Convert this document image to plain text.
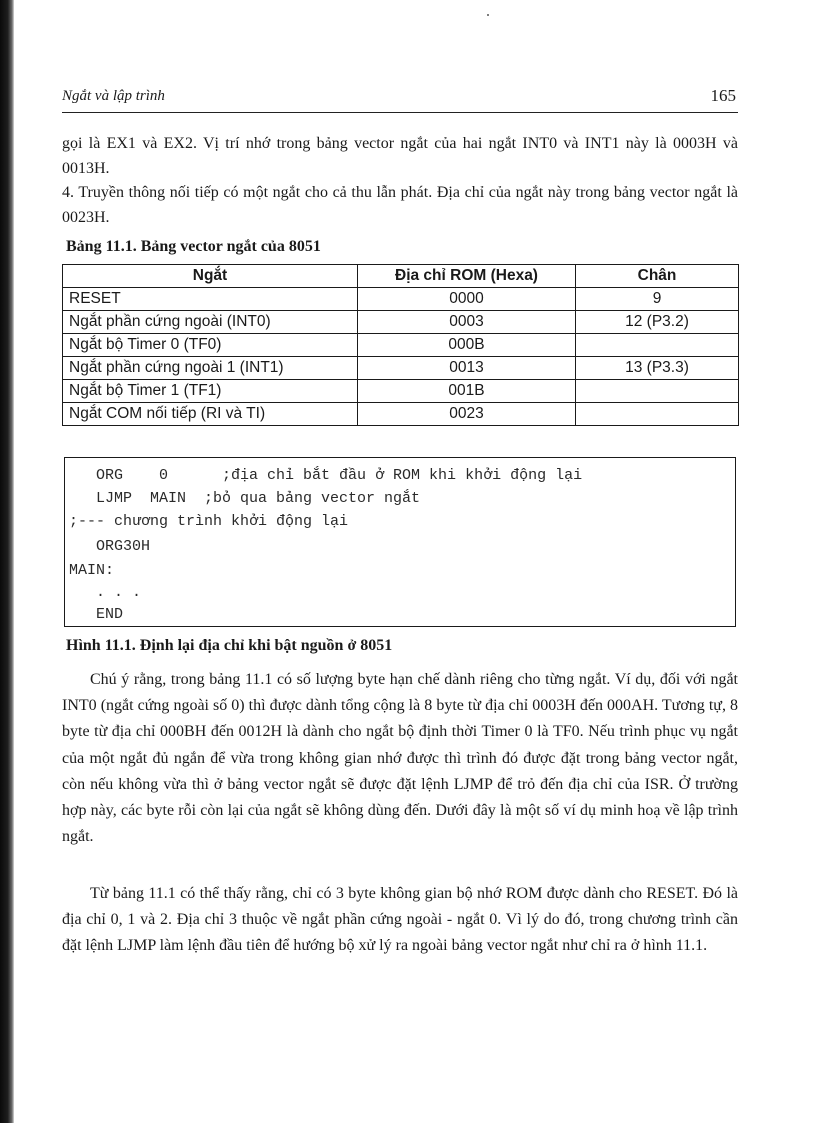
Ngắt và lập trình	165

gọi là EX1 và EX2. Vị trí nhớ trong bảng vector ngắt của hai ngắt INT0 và INT1 này là 0003H và 0013H.

4. Truyền thông nối tiếp có một ngắt cho cả thu lẫn phát. Địa chỉ của ngắt này trong bảng vector ngắt là 0023H.

Bảng 11.1. Bảng vector ngắt của 8051
Ngắt	Địa chỉ ROM (Hexa)	Chân
RESET	0000	9
Ngắt phần cứng ngoài (INT0)	0003	12 (P3.2)
Ngắt bộ Timer 0 (TF0)	000B	
Ngắt phần cứng ngoài 1 (INT1)	0013	13 (P3.3)
Ngắt bộ Timer 1 (TF1)	001B	
Ngắt COM nối tiếp (RI và TI)	0023	
ORG    0      ;địa chỉ bắt đầu ở ROM khi khởi động lại
LJMP  MAIN  ;bỏ qua bảng vector ngắt
;--- chương trình khởi động lại
ORG30H
MAIN:
. . .
END
Hình 11.1. Định lại địa chỉ khi bật nguồn ở 8051

Chú ý rằng, trong bảng 11.1 có số lượng byte hạn chế dành riêng cho từng ngắt. Ví dụ, đối với ngắt INT0 (ngắt cứng ngoài số 0) thì được dành tổng cộng là 8 byte từ địa chỉ 0003H đến 000AH. Tương tự, 8 byte từ địa chỉ 000BH đến 0012H là dành cho ngắt bộ định thời Timer 0 là TF0. Nếu trình phục vụ ngắt của một ngắt đủ ngắn để vừa trong không gian nhớ được thì trình đó được đặt trong bảng vector ngắt, còn nếu không vừa thì ở bảng vector ngắt sẽ được đặt lệnh LJMP để trỏ đến địa chỉ của ISR. Ở trường hợp này, các byte rỗi còn lại của ngắt sẽ không dùng đến. Dưới đây là một số ví dụ minh hoạ về lập trình ngắt.

Từ bảng 11.1 có thể thấy rằng, chỉ có 3 byte không gian bộ nhớ ROM được dành cho RESET. Đó là địa chỉ 0, 1 và 2. Địa chỉ 3 thuộc về ngắt phần cứng ngoài - ngắt 0. Vì lý do đó, trong chương trình cần đặt lệnh LJMP làm lệnh đầu tiên để hướng bộ xử lý ra ngoài bảng vector ngắt như chỉ ra ở hình 11.1.
